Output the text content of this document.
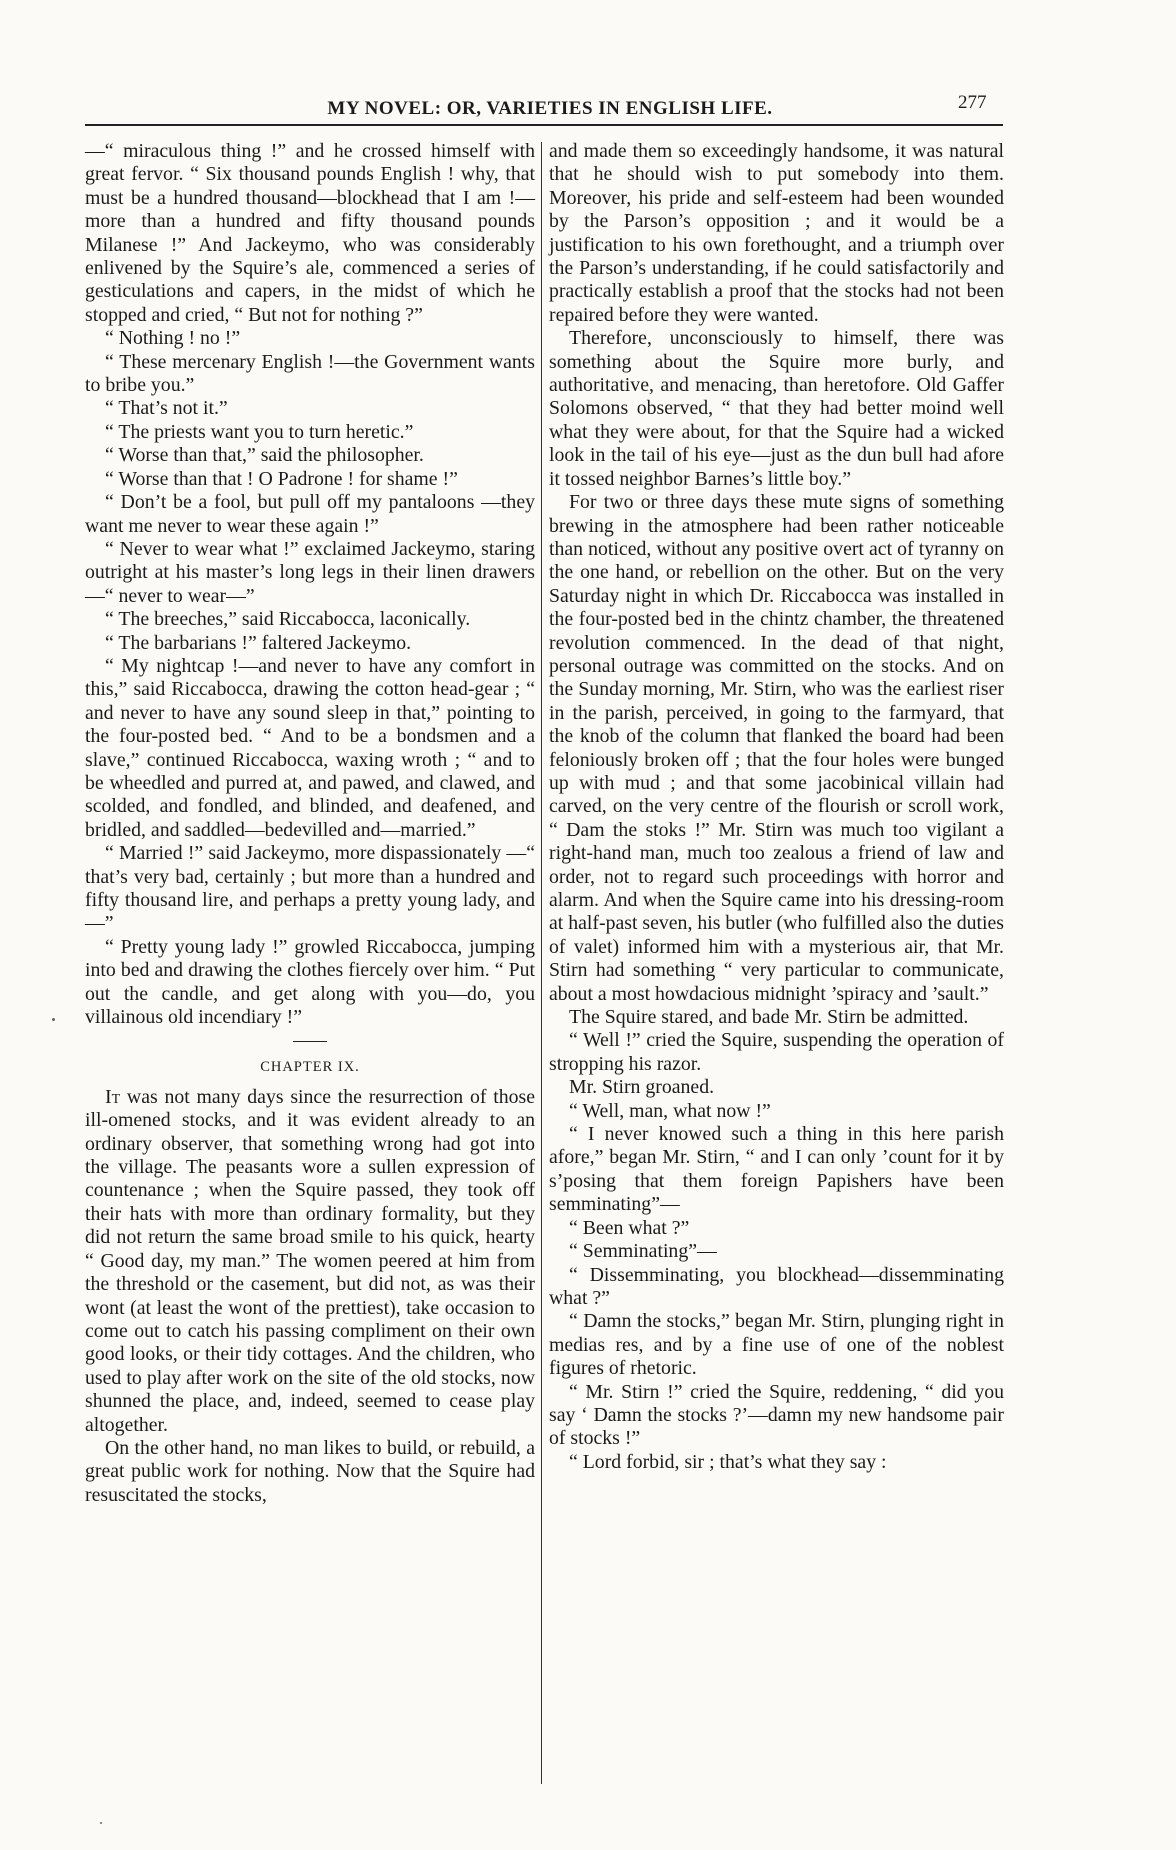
MY NOVEL: OR, VARIETIES IN ENGLISH LIFE.	277

—“ miraculous thing !” and he crossed himself with great fervor. “ Six thousand pounds English ! why, that must be a hundred thousand—blockhead that I am !—more than a hundred and fifty thousand pounds Milanese !” And Jackeymo, who was considerably enlivened by the Squire’s ale, commenced a series of gesticulations and capers, in the midst of which he stopped and cried, “ But not for nothing ?”

“ Nothing ! no !”

“ These mercenary English !—the Government wants to bribe you.”

“ That’s not it.”

“ The priests want you to turn heretic.”

“ Worse than that,” said the philosopher.

“ Worse than that ! O Padrone ! for shame !”

“ Don’t be a fool, but pull off my pantaloons —they want me never to wear these again !”

“ Never to wear what !” exclaimed Jackeymo, staring outright at his master’s long legs in their linen drawers—“ never to wear—”

“ The breeches,” said Riccabocca, laconically.

“ The barbarians !” faltered Jackeymo.

“ My nightcap !—and never to have any comfort in this,” said Riccabocca, drawing the cotton head-gear ; “ and never to have any sound sleep in that,” pointing to the four-posted bed. “ And to be a bondsmen and a slave,” continued Riccabocca, waxing wroth ; “ and to be wheedled and purred at, and pawed, and clawed, and scolded, and fondled, and blinded, and deafened, and bridled, and saddled—bedevilled and—married.”

“ Married !” said Jackeymo, more dispassionately —“ that’s very bad, certainly ; but more than a hundred and fifty thousand lire, and perhaps a pretty young lady, and—”

“ Pretty young lady !” growled Riccabocca, jumping into bed and drawing the clothes fiercely over him. “ Put out the candle, and get along with you—do, you villainous old incendiary !”

CHAPTER IX.

It was not many days since the resurrection of those ill-omened stocks, and it was evident already to an ordinary observer, that something wrong had got into the village. The peasants wore a sullen expression of countenance ; when the Squire passed, they took off their hats with more than ordinary formality, but they did not return the same broad smile to his quick, hearty “ Good day, my man.” The women peered at him from the threshold or the casement, but did not, as was their wont (at least the wont of the prettiest), take occasion to come out to catch his passing compliment on their own good looks, or their tidy cottages. And the children, who used to play after work on the site of the old stocks, now shunned the place, and, indeed, seemed to cease play altogether.

On the other hand, no man likes to build, or rebuild, a great public work for nothing. Now that the Squire had resuscitated the stocks,

and made them so exceedingly handsome, it was natural that he should wish to put somebody into them. Moreover, his pride and self-esteem had been wounded by the Parson’s opposition ; and it would be a justification to his own forethought, and a triumph over the Parson’s understanding, if he could satisfactorily and practically establish a proof that the stocks had not been repaired before they were wanted.

Therefore, unconsciously to himself, there was something about the Squire more burly, and authoritative, and menacing, than heretofore. Old Gaffer Solomons observed, “ that they had better moind well what they were about, for that the Squire had a wicked look in the tail of his eye—just as the dun bull had afore it tossed neighbor Barnes’s little boy.”

For two or three days these mute signs of something brewing in the atmosphere had been rather noticeable than noticed, without any positive overt act of tyranny on the one hand, or rebellion on the other. But on the very Saturday night in which Dr. Riccabocca was installed in the four-posted bed in the chintz chamber, the threatened revolution commenced. In the dead of that night, personal outrage was committed on the stocks. And on the Sunday morning, Mr. Stirn, who was the earliest riser in the parish, perceived, in going to the farmyard, that the knob of the column that flanked the board had been feloniously broken off ; that the four holes were bunged up with mud ; and that some jacobinical villain had carved, on the very centre of the flourish or scroll work, “ Dam the stoks !” Mr. Stirn was much too vigilant a right-hand man, much too zealous a friend of law and order, not to regard such proceedings with horror and alarm. And when the Squire came into his dressing-room at half-past seven, his butler (who fulfilled also the duties of valet) informed him with a mysterious air, that Mr. Stirn had something “ very particular to communicate, about a most howdacious midnight ’spiracy and ’sault.”

The Squire stared, and bade Mr. Stirn be admitted.

“ Well !” cried the Squire, suspending the operation of stropping his razor.

Mr. Stirn groaned.

“ Well, man, what now !”

“ I never knowed such a thing in this here parish afore,” began Mr. Stirn, “ and I can only ’count for it by s’posing that them foreign Papishers have been semminating”—

“ Been what ?”

“ Semminating”—

“ Dissemminating, you blockhead—dissemminating what ?”

“ Damn the stocks,” began Mr. Stirn, plunging right in medias res, and by a fine use of one of the noblest figures of rhetoric.

“ Mr. Stirn !” cried the Squire, reddening, “ did you say ‘ Damn the stocks ?’—damn my new handsome pair of stocks !”

“ Lord forbid, sir ; that’s what they say :
